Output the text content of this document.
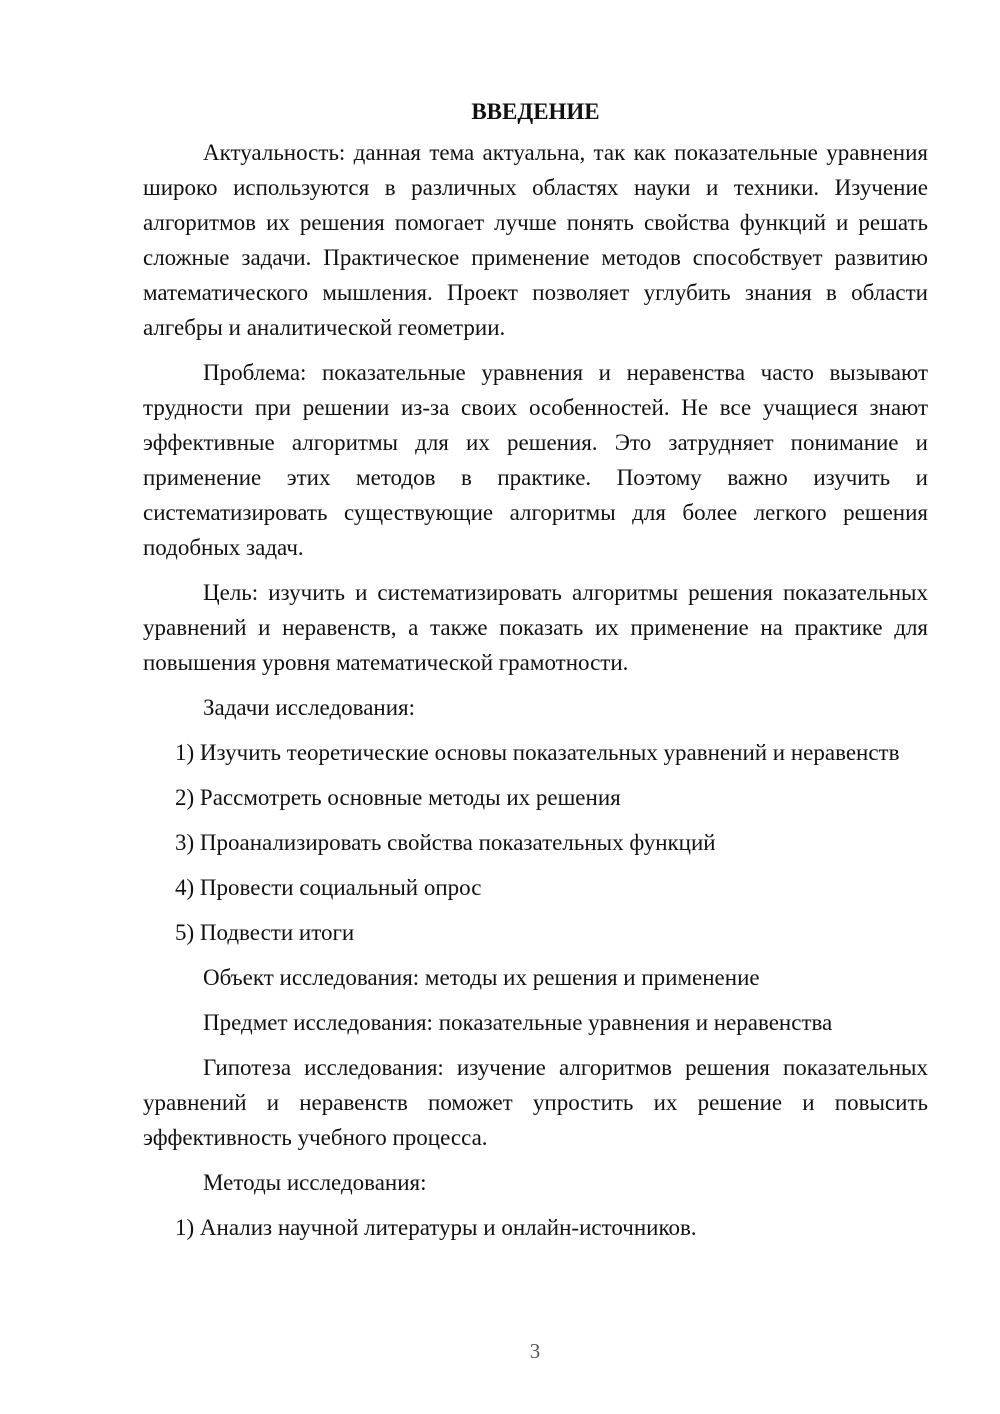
ВВЕДЕНИЕ

Актуальность: данная тема актуальна, так как показательные уравнения широко используются в различных областях науки и техники. Изучение алгоритмов их решения помогает лучше понять свойства функций и решать сложные задачи. Практическое применение методов способствует развитию математического мышления. Проект позволяет углубить знания в области алгебры и аналитической геометрии.

Проблема: показательные уравнения и неравенства часто вызывают трудности при решении из-за своих особенностей. Не все учащиеся знают эффективные алгоритмы для их решения. Это затрудняет понимание и применение этих методов в практике. Поэтому важно изучить и систематизировать существующие алгоритмы для более легкого решения подобных задач.

Цель: изучить и систематизировать алгоритмы решения показательных уравнений и неравенств, а также показать их применение на практике для повышения уровня математической грамотности.

Задачи исследования:

1) Изучить теоретические основы показательных уравнений и неравенств

2) Рассмотреть основные методы их решения

3) Проанализировать свойства показательных функций

4) Провести социальный опрос

5) Подвести итоги

Объект исследования: методы их решения и применение

Предмет исследования: показательные уравнения и неравенства

Гипотеза исследования: изучение алгоритмов решения показательных уравнений и неравенств поможет упростить их решение и повысить эффективность учебного процесса.

Методы исследования:

1) Анализ научной литературы и онлайн-источников.

3
